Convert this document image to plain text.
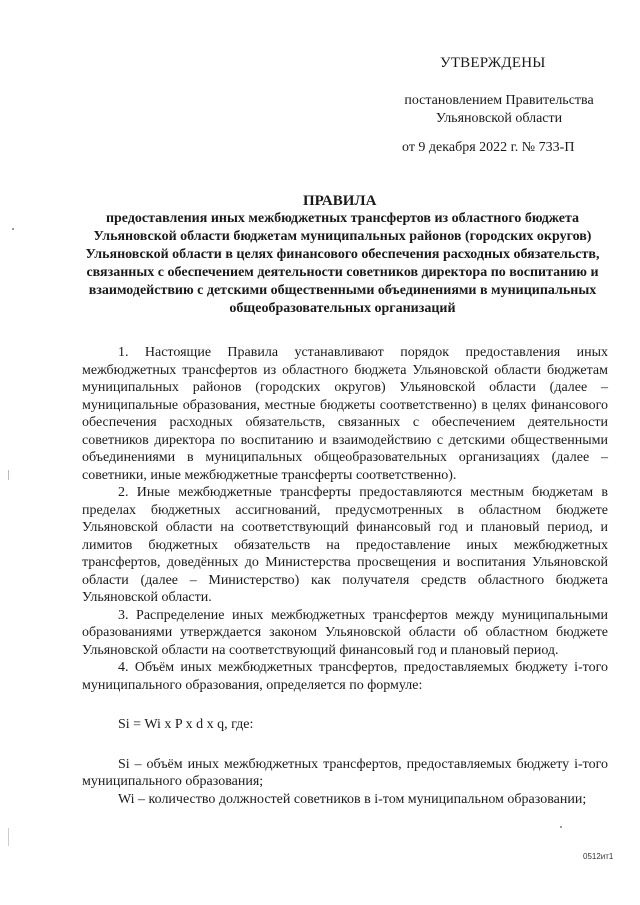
УТВЕРЖДЕНЫ
постановлением Правительства
Ульяновской области
от 9 декабря 2022 г. № 733-П
ПРАВИЛА
предоставления иных межбюджетных трансфертов из областного бюджета Ульяновской области бюджетам муниципальных районов (городских округов) Ульяновской области в целях финансового обеспечения расходных обязательств, связанных с обеспечением деятельности советников директора по воспитанию и взаимодействию с детскими общественными объединениями в муниципальных общеобразовательных организаций

1. Настоящие Правила устанавливают порядок предоставления иных межбюджетных трансфертов из областного бюджета Ульяновской области бюджетам муниципальных районов (городских округов) Ульяновской области (далее – муниципальные образования, местные бюджеты соответственно) в целях финансового обеспечения расходных обязательств, связанных с обеспечением деятельности советников директора по воспитанию и взаимодействию с детскими общественными объединениями в муниципальных общеобразовательных организациях (далее – советники, иные межбюджетные трансферты соответственно).

2. Иные межбюджетные трансферты предоставляются местным бюджетам в пределах бюджетных ассигнований, предусмотренных в областном бюджете Ульяновской области на соответствующий финансовый год и плановый период, и лимитов бюджетных обязательств на предоставление иных межбюджетных трансфертов, доведённых до Министерства просвещения и воспитания Ульяновской области (далее – Министерство) как получателя средств областного бюджета Ульяновской области.

3. Распределение иных межбюджетных трансфертов между муниципальными образованиями утверждается законом Ульяновской области об областном бюджете Ульяновской области на соответствующий финансовый год и плановый период.

4. Объём иных межбюджетных трансфертов, предоставляемых бюджету i-того муниципального образования, определяется по формуле:

Si = Wi x P x d x q, где:

Si – объём иных межбюджетных трансфертов, предоставляемых бюджету i-того муниципального образования;

Wi – количество должностей советников в i-том муниципальном образовании;

0512ит1
